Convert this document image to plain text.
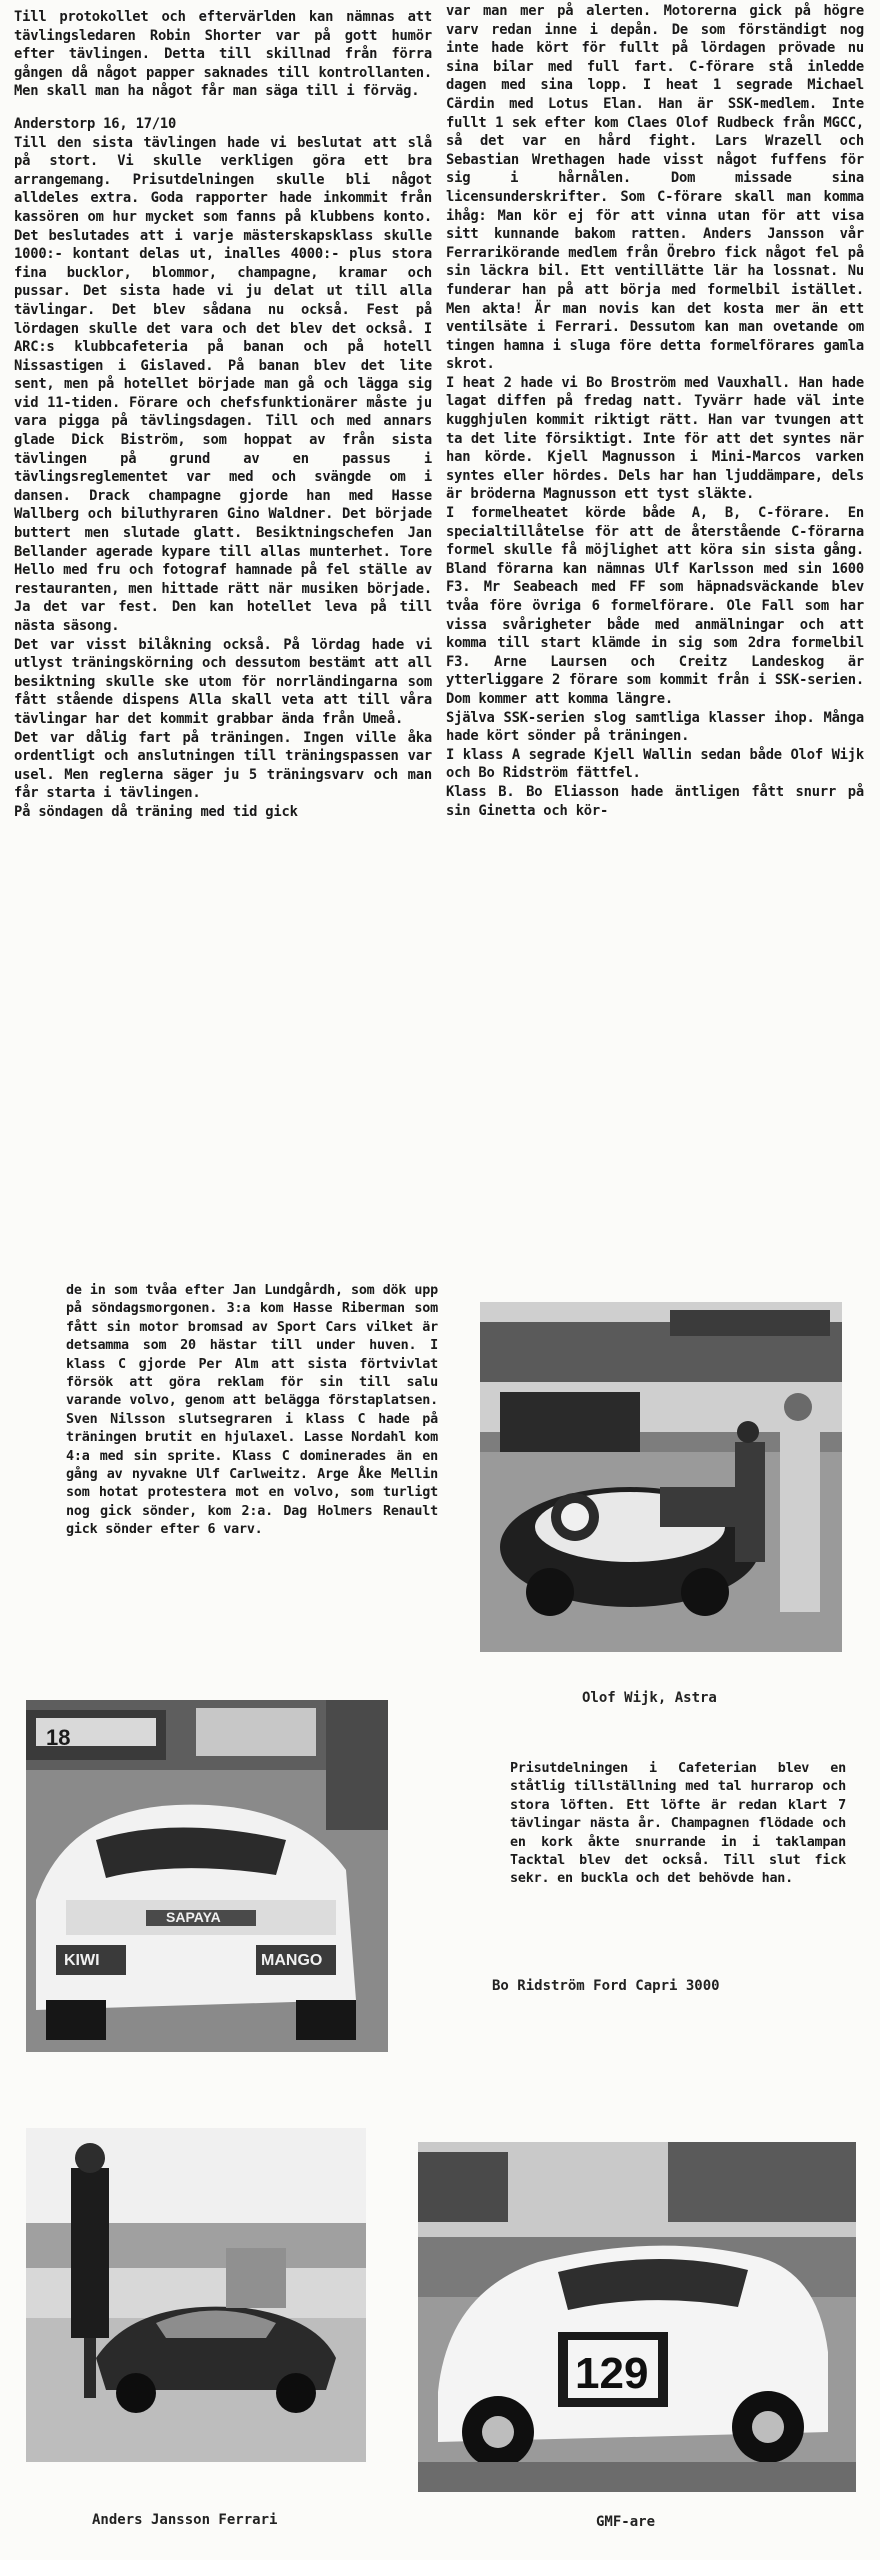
Till protokollet och eftervärlden kan nämnas att tävlingsledaren Robin Shorter var på gott humör efter tävlingen. Detta till skillnad från förra gången då något papper saknades till kontrollanten. Men skall man ha något får man säga till i förväg.

Anderstorp 16, 17/10

Till den sista tävlingen hade vi beslutat att slå på stort. Vi skulle verkligen göra ett bra arrangemang. Prisutdelningen skulle bli något alldeles extra. Goda rapporter hade inkommit från kassören om hur mycket som fanns på klubbens konto. Det beslutades att i varje mästerskapsklass skulle 1000:- kontant delas ut, inalles 4000:- plus stora fina bucklor, blommor, champagne, kramar och pussar. Det sista hade vi ju delat ut till alla tävlingar. Det blev sådana nu också. Fest på lördagen skulle det vara och det blev det också. I ARC:s klubbcafeteria på banan och på hotell Nissastigen i Gislaved. På banan blev det lite sent, men på hotellet började man gå och lägga sig vid 11-tiden. Förare och chefsfunktionärer måste ju vara pigga på tävlingsdagen. Till och med annars glade Dick Biström, som hoppat av från sista tävlingen på grund av en passus i tävlingsreglementet var med och svängde om i dansen. Drack champagne gjorde han med Hasse Wallberg och biluthyraren Gino Waldner. Det började buttert men slutade glatt. Besiktningschefen Jan Bellander agerade kypare till allas munterhet. Tore Hello med fru och fotograf hamnade på fel ställe av restauranten, men hittade rätt när musiken började. Ja det var fest. Den kan hotellet leva på till nästa säsong.

Det var visst bilåkning också. På lördag hade vi utlyst träningskörning och dessutom bestämt att all besiktning skulle ske utom för norrländingarna som fått stående dispens Alla skall veta att till våra tävlingar har det kommit grabbar ända från Umeå.

Det var dålig fart på träningen. Ingen ville åka ordentligt och anslutningen till träningspassen var usel. Men reglerna säger ju 5 träningsvarv och man får starta i tävlingen.

På söndagen då träning med tid gick

var man mer på alerten. Motorerna gick på högre varv redan inne i depån. De som förständigt nog inte hade kört för fullt på lördagen prövade nu sina bilar med full fart. C-förare stå inledde dagen med sina lopp. I heat 1 segrade Michael Cärdin med Lotus Elan. Han är SSK-medlem. Inte fullt 1 sek efter kom Claes Olof Rudbeck från MGCC, så det var en hård fight. Lars Wrazell och Sebastian Wrethagen hade visst något fuffens för sig i hårnålen. Dom missade sina licensunderskrifter. Som C-förare skall man komma ihåg: Man kör ej för att vinna utan för att visa sitt kunnande bakom ratten. Anders Jansson vår Ferrarikörande medlem från Örebro fick något fel på sin läckra bil. Ett ventillätte lär ha lossnat. Nu funderar han på att börja med formelbil istället. Men akta! Är man novis kan det kosta mer än ett ventilsäte i Ferrari. Dessutom kan man ovetande om tingen hamna i sluga före detta formelförares gamla skrot.

I heat 2 hade vi Bo Broström med Vauxhall. Han hade lagat diffen på fredag natt. Tyvärr hade väl inte kugghjulen kommit riktigt rätt. Han var tvungen att ta det lite försiktigt. Inte för att det syntes när han körde. Kjell Magnusson i Mini-Marcos varken syntes eller hördes. Dels har han ljuddämpare, dels är bröderna Magnusson ett tyst släkte.

I formelheatet körde både A, B, C-förare. En specialtillåtelse för att de återstående C-förarna formel skulle få möjlighet att köra sin sista gång. Bland förarna kan nämnas Ulf Karlsson med sin 1600 F3. Mr Seabeach med FF som häpnadsväckande blev tvåa före övriga 6 formelförare. Ole Fall som har vissa svårigheter både med anmälningar och att komma till start klämde in sig som 2dra formelbil F3. Arne Laursen och Creitz Landeskog är ytterliggare 2 förare som kommit från i SSK-serien. Dom kommer att komma längre.

Själva SSK-serien slog samtliga klasser ihop. Många hade kört sönder på träningen.

I klass A segrade Kjell Wallin sedan både Olof Wijk och Bo Ridström fättfel.

Klass B. Bo Eliasson hade äntligen fått snurr på sin Ginetta och kör-

de in som tvåa efter Jan Lundgårdh, som dök upp på söndagsmorgonen. 3:a kom Hasse Riberman som fått sin motor bromsad av Sport Cars vilket är detsamma som 20 hästar till under huven. I klass C gjorde Per Alm att sista förtvivlat försök att göra reklam för sin till salu varande volvo, genom att belägga förstaplatsen. Sven Nilsson slutsegraren i klass C hade på träningen brutit en hjulaxel. Lasse Nordahl kom 4:a med sin sprite. Klass C dominerades än en gång av nyvakne Ulf Carlweitz. Arge Åke Mellin som hotat protestera mot en volvo, som turligt nog gick sönder, kom 2:a. Dag Holmers Renault gick sönder efter 6 varv.

Olof Wijk, Astra
18
SAPAYA
KIWI	MANGO

Prisutdelningen i Cafeterian blev en ståtlig tillställning med tal hurrarop och stora löften. Ett löfte är redan klart 7 tävlingar nästa år. Champagnen flödade och en kork åkte snurrande in i taklampan Tacktal blev det också. Till slut fick sekr. en buckla och det behövde han.

Bo Ridström Ford Capri 3000
129
Anders Jansson Ferrari	GMF-are
